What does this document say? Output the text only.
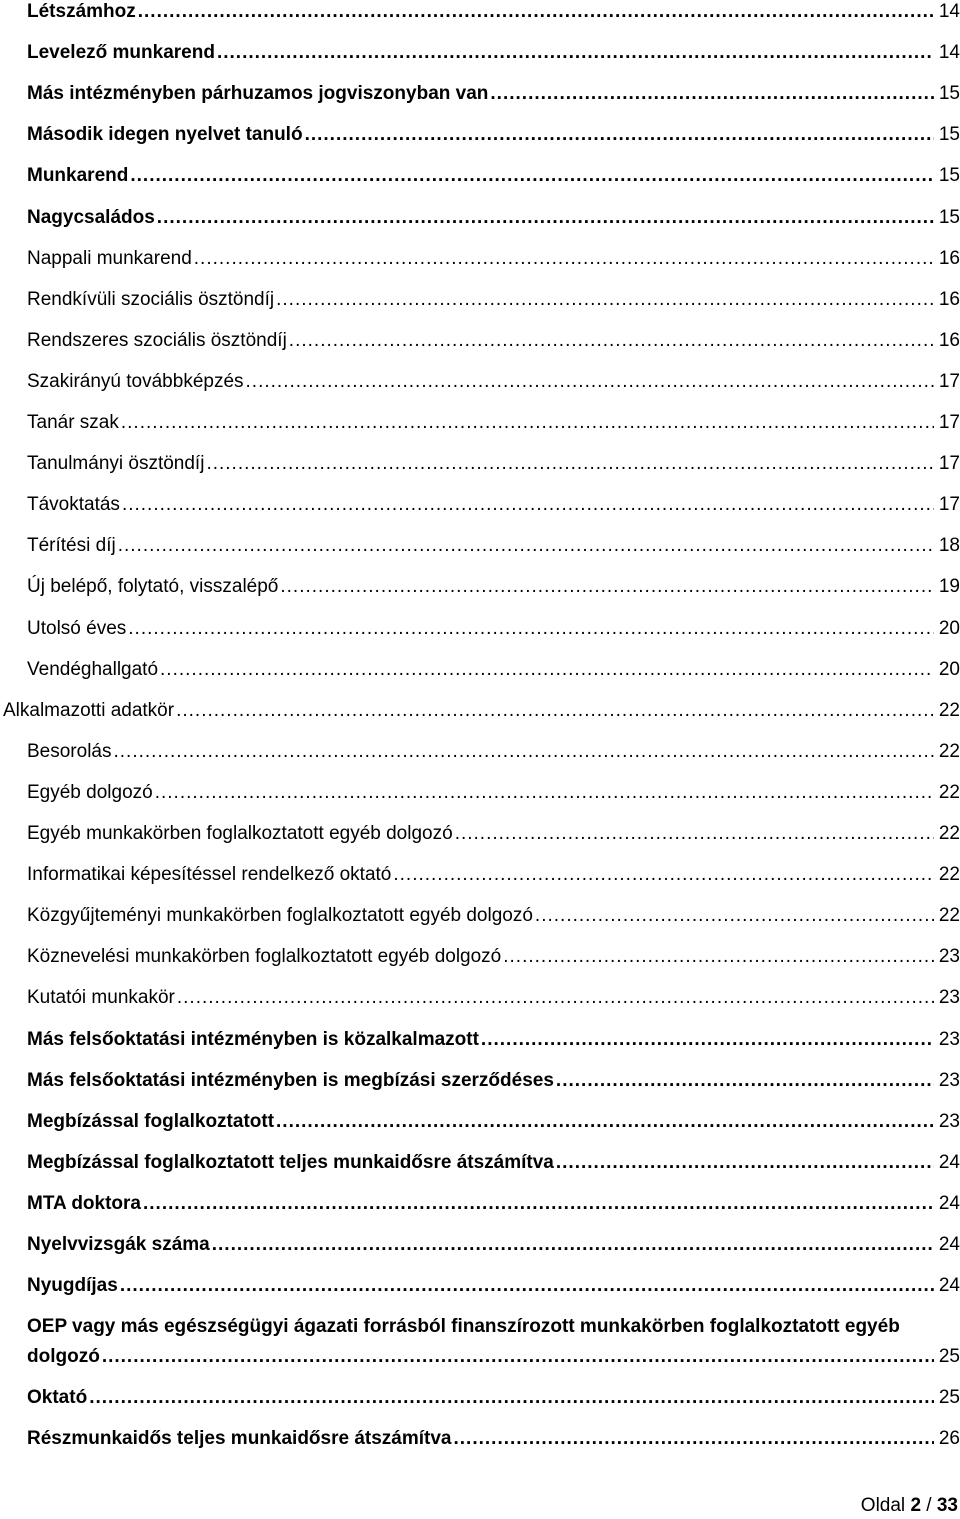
Létszámhoz .....	14
Levelező munkarend .....	14
Más intézményben párhuzamos jogviszonyban van .....	15
Második idegen nyelvet tanuló .....	15
Munkarend .....	15
Nagycsaládos .....	15
Nappali munkarend .....	16
Rendkívüli szociális ösztöndíj .....	16
Rendszeres szociális ösztöndíj .....	16
Szakirányú továbbképzés .....	17
Tanár szak .....	17
Tanulmányi ösztöndíj .....	17
Távoktatás .....	17
Térítési díj .....	18
Új belépő, folytató, visszalépő .....	19
Utolsó éves .....	20
Vendéghallgató .....	20
Alkalmazotti adatkör .....	22
Besorolás .....	22
Egyéb dolgozó .....	22
Egyéb munkakörben foglalkoztatott egyéb dolgozó .....	22
Informatikai képesítéssel rendelkező oktató .....	22
Közgyűjteményi munkakörben foglalkoztatott egyéb dolgozó .....	22
Köznevelési munkakörben foglalkoztatott egyéb dolgozó .....	23
Kutatói munkakör .....	23
Más felsőoktatási intézményben is közalkalmazott .....	23
Más felsőoktatási intézményben is megbízási szerződéses .....	23
Megbízással foglalkoztatott .....	23
Megbízással foglalkoztatott teljes munkaidősre átszámítva .....	24
MTA doktora .....	24
Nyelvvizsgák száma .....	24
Nyugdíjas .....	24
OEP vagy más egészségügyi ágazati forrásból finanszírozott munkakörben foglalkoztatott egyéb
dolgozó .....	25
Oktató .....	25
Részmunkaidős teljes munkaidősre átszámítva .....	26
Oldal 2 / 33
